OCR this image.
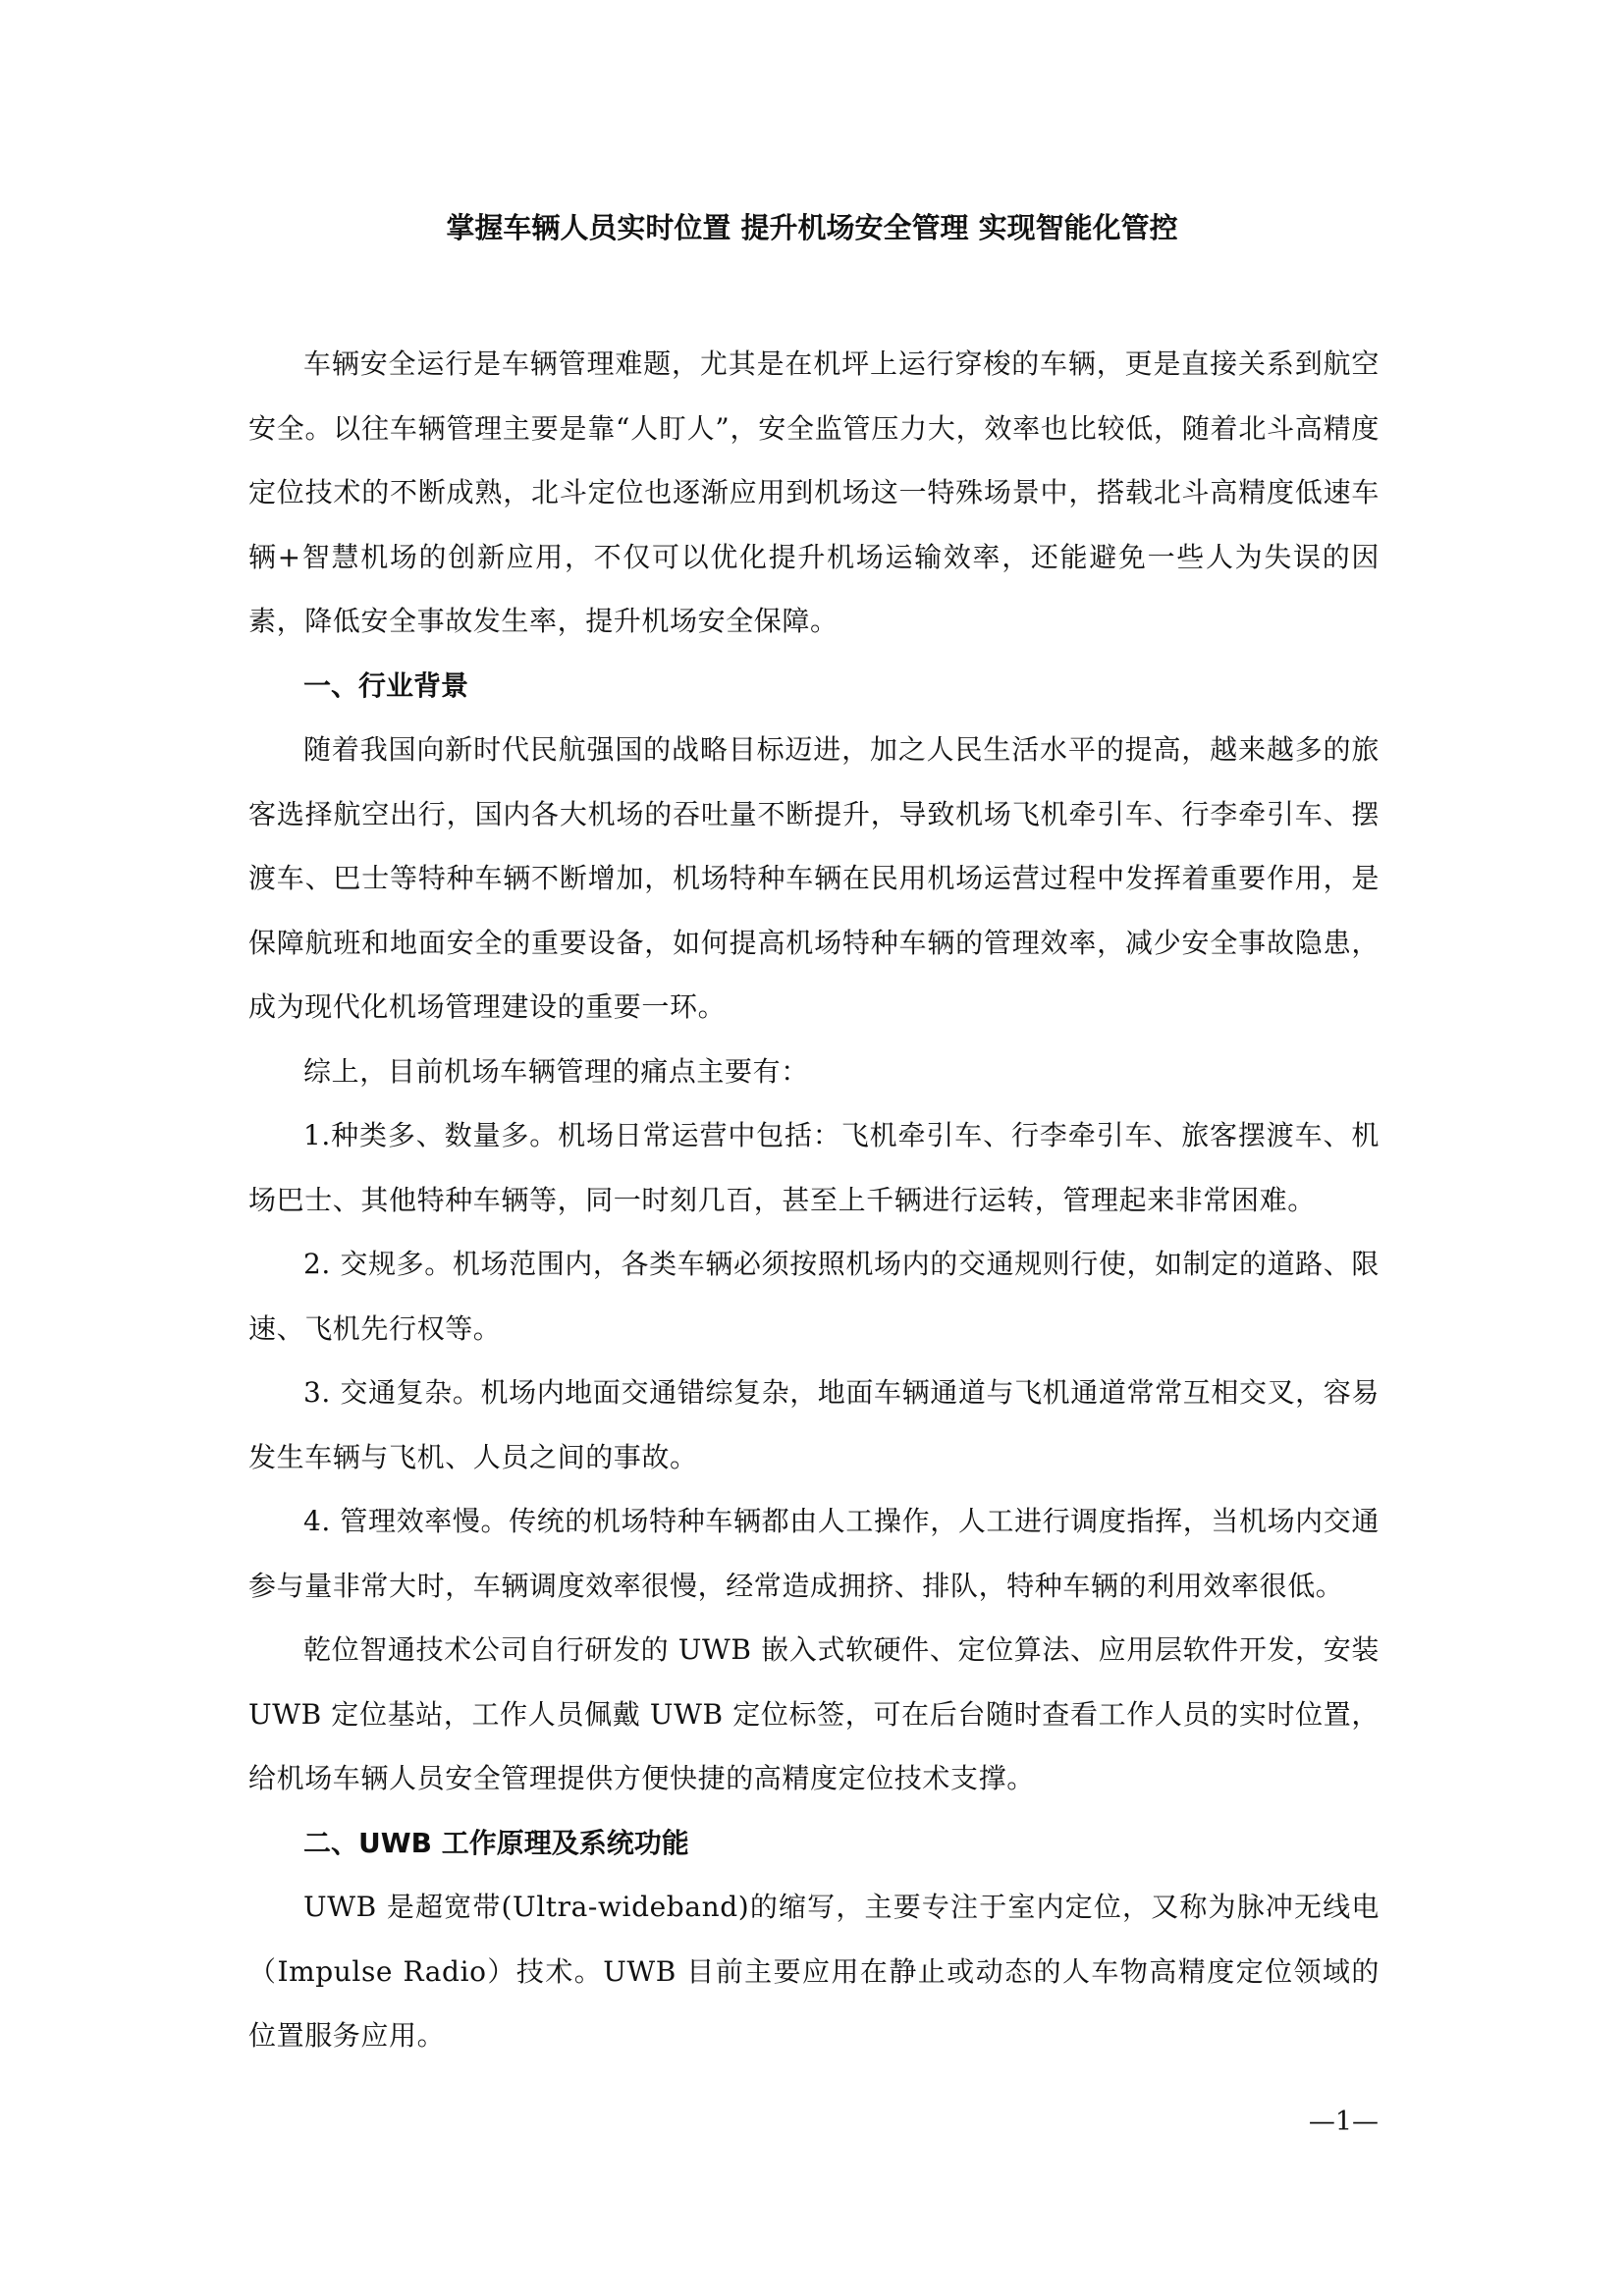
掌握车辆人员实时位置 提升机场安全管理 实现智能化管控

车辆安全运行是车辆管理难题，尤其是在机坪上运行穿梭的车辆，更是直接关系到航空安全。以往车辆管理主要是靠“人盯人”，安全监管压力大，效率也比较低，随着北斗高精度定位技术的不断成熟，北斗定位也逐渐应用到机场这一特殊场景中，搭载北斗高精度低速车辆+智慧机场的创新应用，不仅可以优化提升机场运输效率，还能避免一些人为失误的因素，降低安全事故发生率，提升机场安全保障。

一、行业背景

随着我国向新时代民航强国的战略目标迈进，加之人民生活水平的提高，越来越多的旅客选择航空出行，国内各大机场的吞吐量不断提升，导致机场飞机牵引车、行李牵引车、摆渡车、巴士等特种车辆不断增加，机场特种车辆在民用机场运营过程中发挥着重要作用，是保障航班和地面安全的重要设备，如何提高机场特种车辆的管理效率，减少安全事故隐患，成为现代化机场管理建设的重要一环。

综上，目前机场车辆管理的痛点主要有：

1.种类多、数量多。机场日常运营中包括：飞机牵引车、行李牵引车、旅客摆渡车、机场巴士、其他特种车辆等，同一时刻几百，甚至上千辆进行运转，管理起来非常困难。

2. 交规多。机场范围内，各类车辆必须按照机场内的交通规则行使，如制定的道路、限速、飞机先行权等。

3. 交通复杂。机场内地面交通错综复杂，地面车辆通道与飞机通道常常互相交叉，容易发生车辆与飞机、人员之间的事故。

4. 管理效率慢。传统的机场特种车辆都由人工操作，人工进行调度指挥，当机场内交通参与量非常大时，车辆调度效率很慢，经常造成拥挤、排队，特种车辆的利用效率很低。

乾位智通技术公司自行研发的 UWB 嵌入式软硬件、定位算法、应用层软件开发，安装UWB 定位基站，工作人员佩戴 UWB 定位标签，可在后台随时查看工作人员的实时位置，给机场车辆人员安全管理提供方便快捷的高精度定位技术支撑。

二、UWB 工作原理及系统功能

UWB 是超宽带(Ultra-wideband)的缩写，主要专注于室内定位，又称为脉冲无线电（Impulse Radio）技术。UWB 目前主要应用在静止或动态的人车物高精度定位领域的位置服务应用。

—1—
